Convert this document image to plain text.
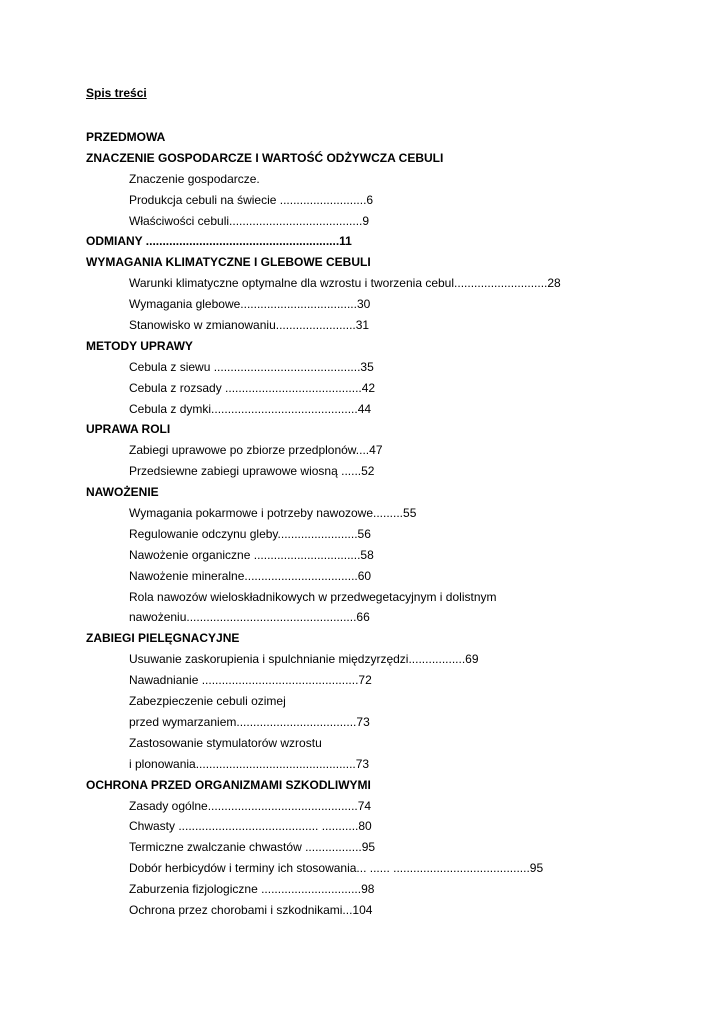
Spis treści
PRZEDMOWA
ZNACZENIE GOSPODARCZE I WARTOŚĆ ODŻYWCZA CEBULI
Znaczenie gospodarcze.
Produkcja cebuli na świecie ..........................6
Właściwości cebuli........................................9
ODMIANY ..........................................................11
WYMAGANIA KLIMATYCZNE I GLEBOWE CEBULI
Warunki klimatyczne optymalne dla wzrostu i tworzenia cebul............................28
Wymagania glebowe...................................30
Stanowisko w zmianowaniu........................31
METODY UPRAWY
Cebula z siewu ............................................35
Cebula z rozsady .........................................42
Cebula z dymki............................................44
UPRAWA ROLI
Zabiegi uprawowe po zbiorze przedplonów....47
Przedsiewne zabiegi uprawowe wiosną ......52
NAWOŻENIE
Wymagania pokarmowe i potrzeby nawozowe.........55
Regulowanie odczynu gleby........................56
Nawożenie organiczne ................................58
Nawożenie mineralne..................................60
Rola nawozów wieloskładnikowych w przedwegetacyjnym i dolistnym
nawożeniu...................................................66
ZABIEGI PIELĘGNACYJNE
Usuwanie zaskorupienia i spulchnianie międzyrzędzi.................69
Nawadnianie ...............................................72
Zabezpieczenie cebuli ozimej
przed wymarzaniem....................................73
Zastosowanie stymulatorów wzrostu
i plonowania................................................73
OCHRONA PRZED ORGANIZMAMI SZKODLIWYMI
Zasady ogólne.............................................74
Chwasty .......................................... ...........80
Termiczne zwalczanie chwastów .................95
Dobór herbicydów i terminy ich stosowania... ...... .........................................95
Zaburzenia fizjologiczne ..............................98
Ochrona przez chorobami i szkodnikami...104
